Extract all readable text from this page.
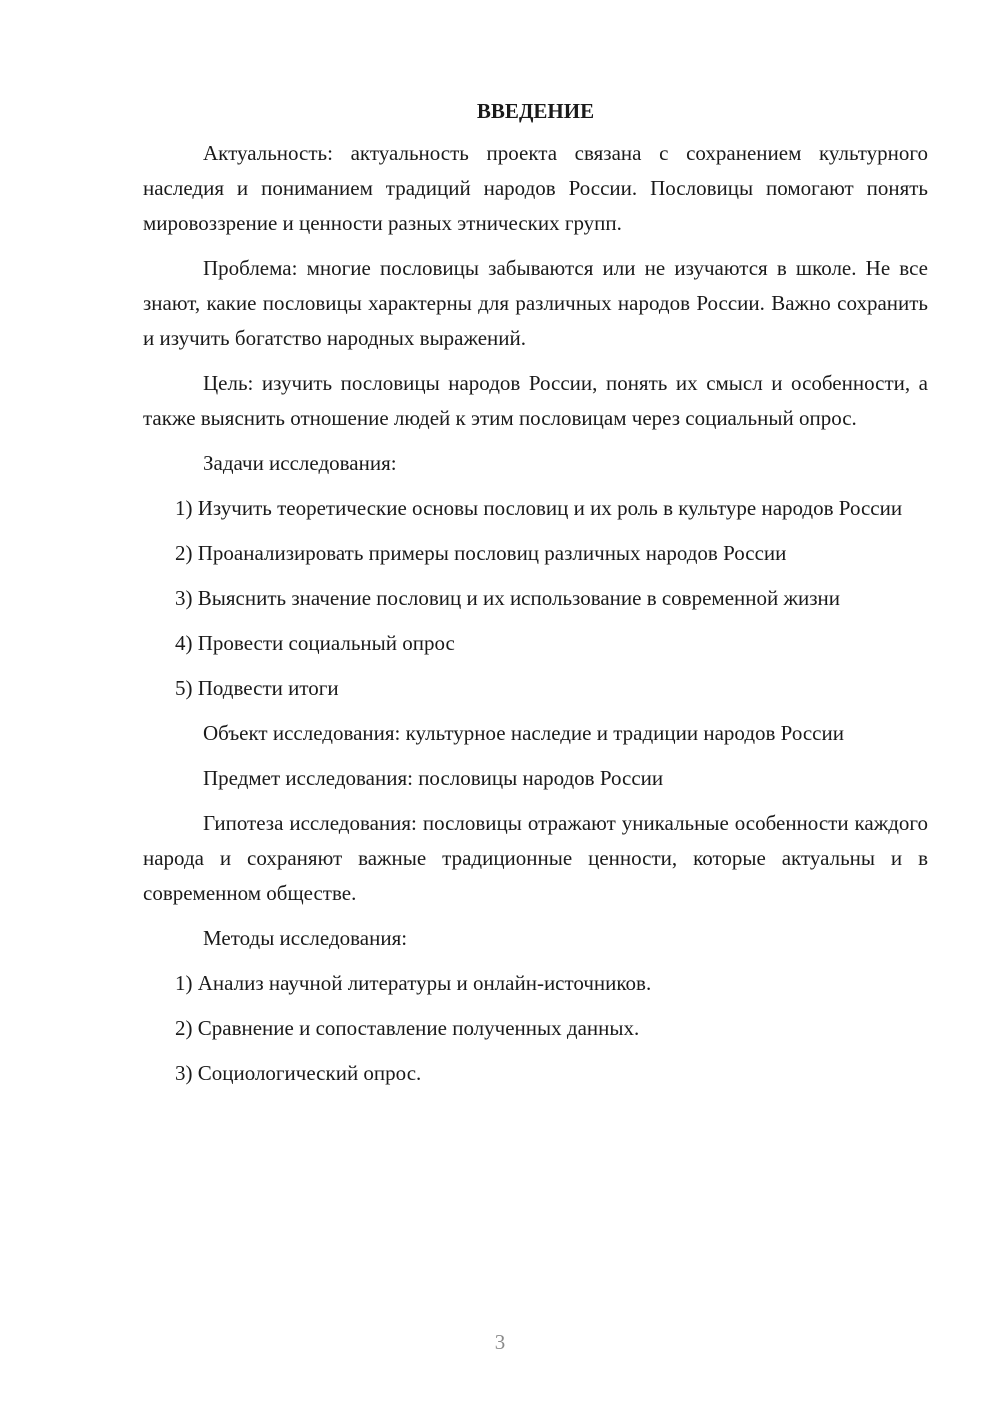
ВВЕДЕНИЕ

Актуальность: актуальность проекта связана с сохранением культурного наследия и пониманием традиций народов России. Пословицы помогают понять мировоззрение и ценности разных этнических групп.

Проблема: многие пословицы забываются или не изучаются в школе. Не все знают, какие пословицы характерны для различных народов России. Важно сохранить и изучить богатство народных выражений.

Цель: изучить пословицы народов России, понять их смысл и особенности, а также выяснить отношение людей к этим пословицам через социальный опрос.

Задачи исследования:

1) Изучить теоретические основы пословиц и их роль в культуре народов России

2) Проанализировать примеры пословиц различных народов России

3) Выяснить значение пословиц и их использование в современной жизни

4) Провести социальный опрос

5) Подвести итоги

Объект исследования: культурное наследие и традиции народов России

Предмет исследования: пословицы народов России

Гипотеза исследования: пословицы отражают уникальные особенности каждого народа и сохраняют важные традиционные ценности, которые актуальны и в современном обществе.

Методы исследования:

1) Анализ научной литературы и онлайн-источников.

2) Сравнение и сопоставление полученных данных.

3) Социологический опрос.

3
